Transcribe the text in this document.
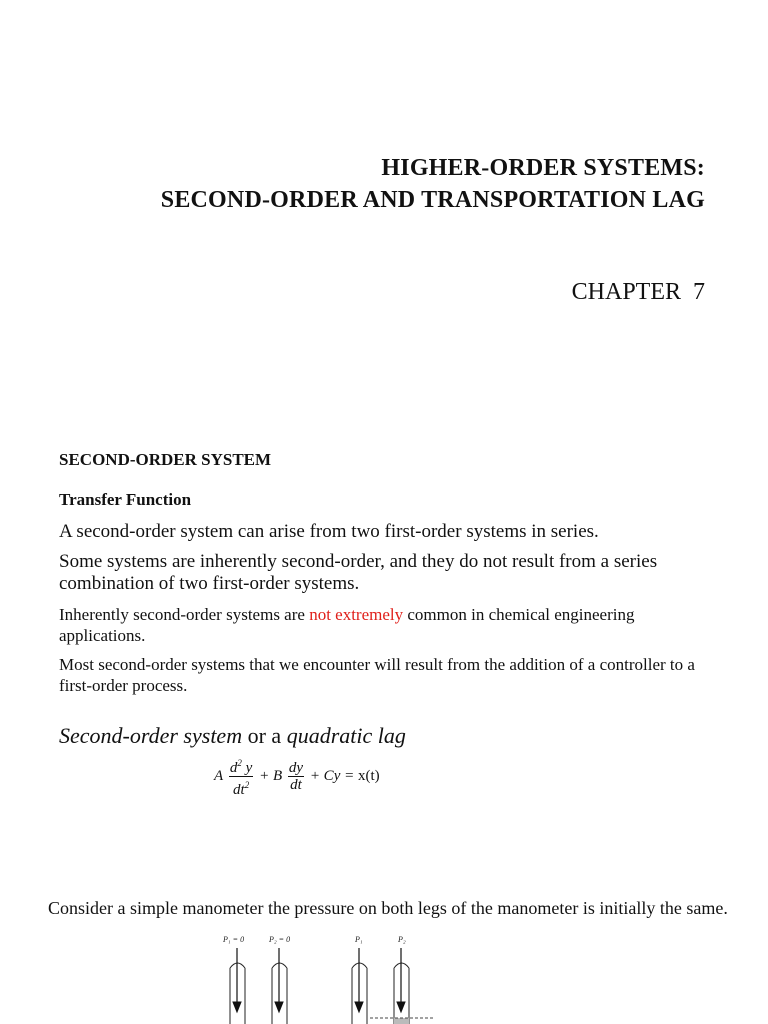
HIGHER-ORDER SYSTEMS:
SECOND-ORDER AND TRANSPORTATION LAG
CHAPTER  7
SECOND-ORDER SYSTEM
Transfer Function
A second-order system can arise from two first-order systems in series.
Some systems are inherently second-order, and they do not result from a series combination of two first-order systems.
Inherently second-order systems are not extremely common in chemical engineering applications.
Most second-order systems that we encounter will result from the addition of a controller to a first-order process.
Second-order system or a quadratic lag
A $\frac{d^2 y}{dt^2} + B \frac{dy}{dt} + Cy = x(t)$
Consider a simple manometer the pressure on both legs of the manometer is initially the same.
P₁ = 0	P₂ = 0	P₁	P₂
